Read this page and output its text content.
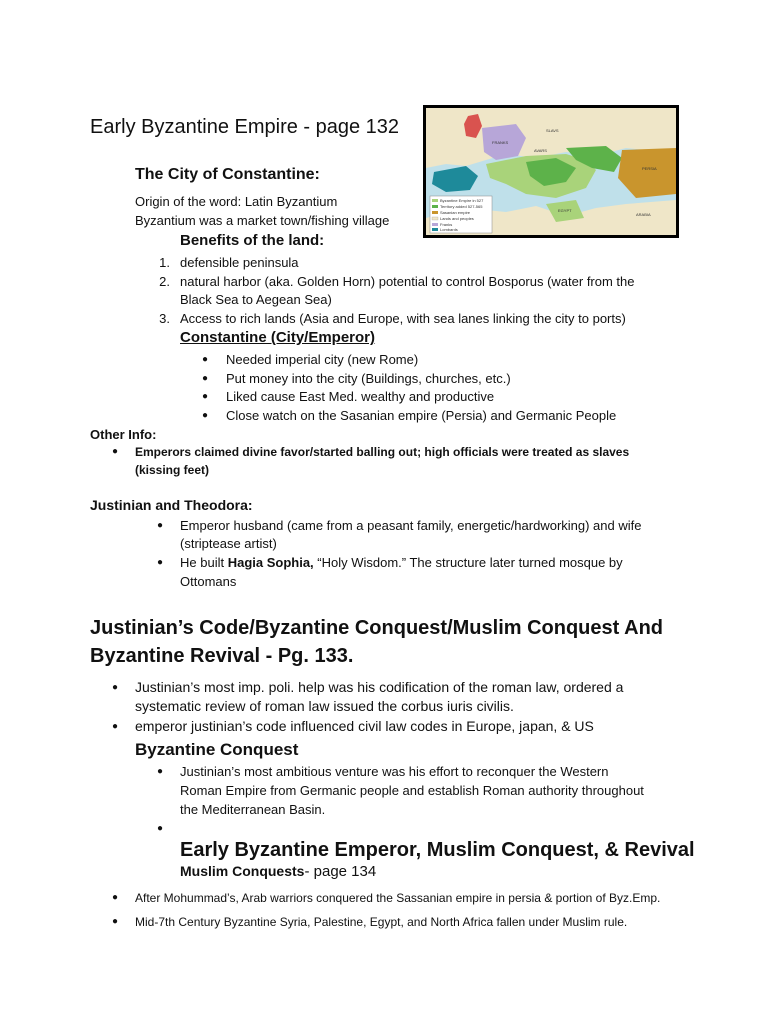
Early Byzantine Empire - page 132
FRANKS
SLAVS
AVARS
PERSIA
ARABIA
EGYPT
Byzantine Empire in 527
Territory added 527-565
Sasanian empire
Lands and peoples
Franks
Lombards
The City of Constantine:
Origin of the word: Latin Byzantium
Byzantium was a market town/fishing village
Benefits of the land:
1. defensible peninsula
2. natural harbor (aka. Golden Horn) potential to control Bosporus (water from the
Black Sea to Aegean Sea)
3. Access to rich lands (Asia and Europe, with sea lanes linking the city to ports)
Constantine (City/Emperor)
● Needed imperial city (new Rome)
● Put money into the city (Buildings, churches, etc.)
● Liked cause East Med. wealthy and productive
● Close watch on the Sasanian empire (Persia) and Germanic People
Other Info:
● Emperors claimed divine favor/started balling out; high officials were treated as slaves
(kissing feet)
Justinian and Theodora:
● Emperor husband (came from a peasant family, energetic/hardworking) and wife
(striptease artist)
● He built Hagia Sophia, “Holy Wisdom.” The structure later turned mosque by
Ottomans
Justinian’s Code/Byzantine Conquest/Muslim Conquest And
Byzantine Revival - Pg. 133.
● Justinian’s most imp. poli. help was his codification of the roman law, ordered a
systematic review of roman law issued the corbus iuris civilis.
● emperor justinian’s code influenced civil law codes in Europe, japan, & US
Byzantine Conquest
● Justinian’s most ambitious venture was his effort to reconquer the Western
Roman Empire from Germanic people and establish Roman authority throughout
the Mediterranean Basin.
●
Early Byzantine Emperor, Muslim Conquest, & Revival
Muslim Conquests- page 134
● After Mohummad’s, Arab warriors conquered the Sassanian empire in persia & portion of Byz.Emp.
● Mid-7th Century Byzantine Syria, Palestine, Egypt, and North Africa fallen under Muslim rule.
